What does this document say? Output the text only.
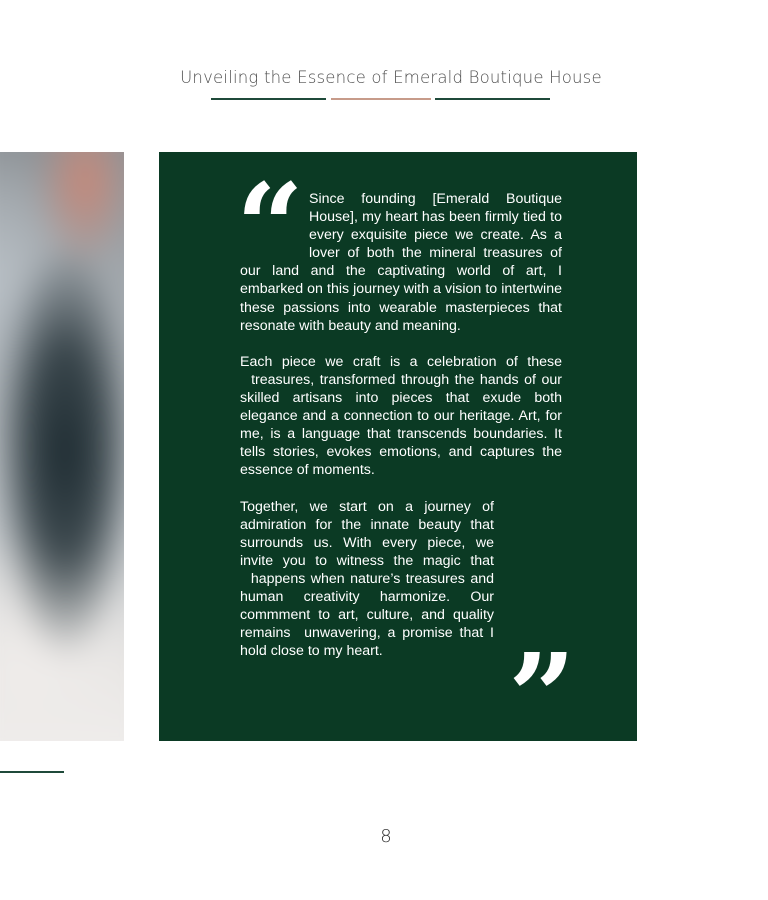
Unveiling the Essence of Emerald Boutique House
“ Since founding [Emerald Boutique House], my heart has been firmly tied to every exquisite piece we create. As a lover of both the mineral treasures of our land and the captivating world of art, I embarked on this journey with a vision to intertwine these passions into wearable masterpieces that resonate with beauty and meaning.

Each piece we craft is a celebration of these   treasures, transformed through the hands of our skilled artisans into pieces that exude both elegance and a connection to our heritage. Art, for me, is a language that transcends boundaries. It tells stories, evokes emotions, and captures the essence of moments.

Together, we start on a journey of admiration for the innate beauty that surrounds us. With every piece, we invite you to witness the magic that   happens when nature’s treasures and human creativity harmonize. Our commment to art, culture, and quality remains  unwavering, a promise that I hold close to my heart.	”
8
